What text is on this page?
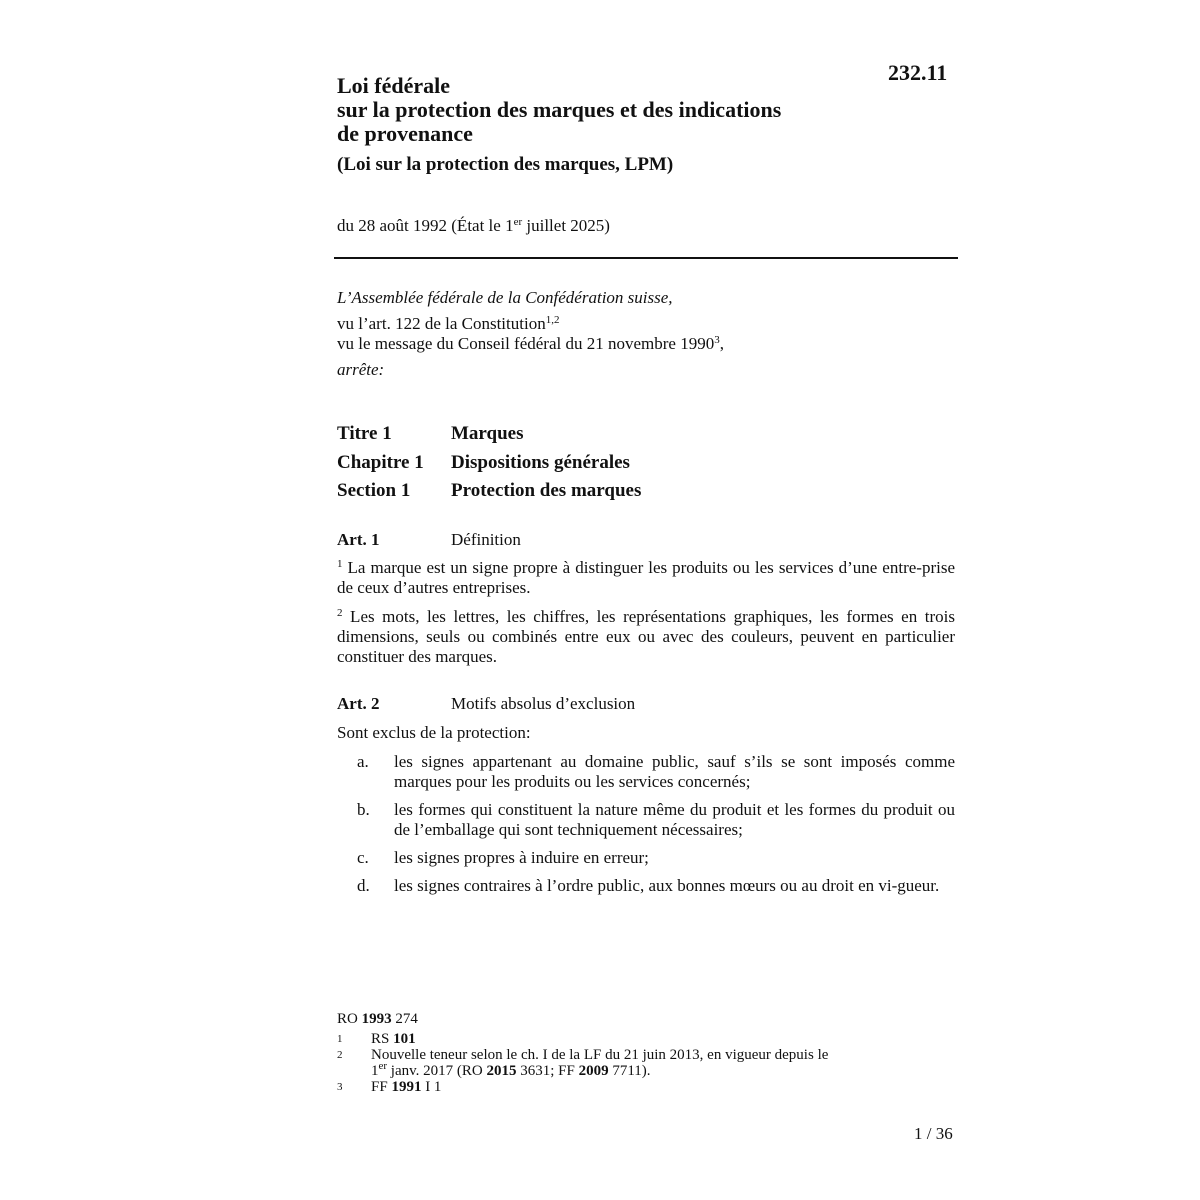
232.11
Loi fédérale
sur la protection des marques et des indications
de provenance
(Loi sur la protection des marques, LPM)
du 28 août 1992 (État le 1er juillet 2025)
L’Assemblée fédérale de la Confédération suisse,
vu l’art. 122 de la Constitution$^{1,2}$
vu le message du Conseil fédéral du 21 novembre 1990$^3$,
arrête:
Titre 1	Marques
Chapitre 1	Dispositions générales
Section 1	Protection des marques
Art. 1	Définition
$^1$ La marque est un signe propre à distinguer les produits ou les services d’une entre-prise de ceux d’autres entreprises.
$^2$ Les mots, les lettres, les chiffres, les représentations graphiques, les formes en trois dimensions, seuls ou combinés entre eux ou avec des couleurs, peuvent en particulier constituer des marques.
Art. 2	Motifs absolus d’exclusion
Sont exclus de la protection:
a.	les signes appartenant au domaine public, sauf s’ils se sont imposés comme marques pour les produits ou les services concernés;
b.	les formes qui constituent la nature même du produit et les formes du produit ou de l’emballage qui sont techniquement nécessaires;
c.	les signes propres à induire en erreur;
d.	les signes contraires à l’ordre public, aux bonnes mœurs ou au droit en vi-gueur.
RO 1993 274
1	RS 101
2	Nouvelle teneur selon le ch. I de la LF du 21 juin 2013, en vigueur depuis le
1er janv. 2017 (RO 2015 3631; FF 2009 7711).
3	FF 1991 I 1
1 / 36
